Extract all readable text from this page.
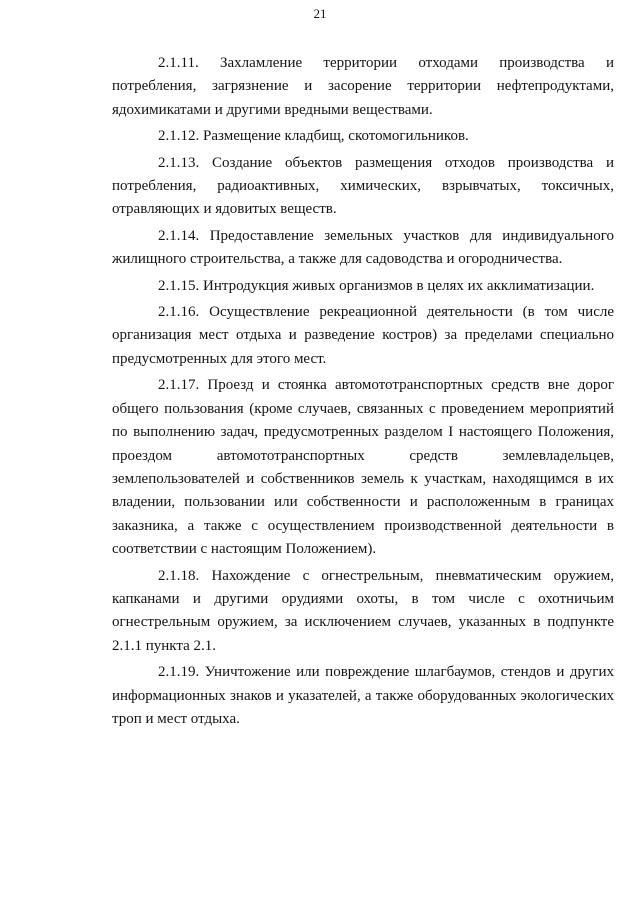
21

2.1.11. Захламление территории отходами производства и потребления, загрязнение и засорение территории нефтепродуктами, ядохимикатами и другими вредными веществами.

2.1.12. Размещение кладбищ, скотомогильников.

2.1.13. Создание объектов размещения отходов производства и потребления, радиоактивных, химических, взрывчатых, токсичных, отравляющих и ядовитых веществ.

2.1.14. Предоставление земельных участков для индивидуального жилищного строительства, а также для садоводства и огородничества.

2.1.15. Интродукция живых организмов в целях их акклиматизации.

2.1.16. Осуществление рекреационной деятельности (в том числе организация мест отдыха и разведение костров) за пределами специально предусмотренных для этого мест.

2.1.17. Проезд и стоянка автомототранспортных средств вне дорог общего пользования (кроме случаев, связанных с проведением мероприятий по выполнению задач, предусмотренных разделом I настоящего Положения, проездом автомототранспортных средств землевладельцев, землепользователей и собственников земель к участкам, находящимся в их владении, пользовании или собственности и расположенным в границах заказника, а также с осуществлением производственной деятельности в соответствии с настоящим Положением).

2.1.18. Нахождение с огнестрельным, пневматическим оружием, капканами и другими орудиями охоты, в том числе с охотничьим огнестрельным оружием, за исключением случаев, указанных в подпункте 2.1.1 пункта 2.1.

2.1.19. Уничтожение или повреждение шлагбаумов, стендов и других информационных знаков и указателей, а также оборудованных экологических троп и мест отдыха.
